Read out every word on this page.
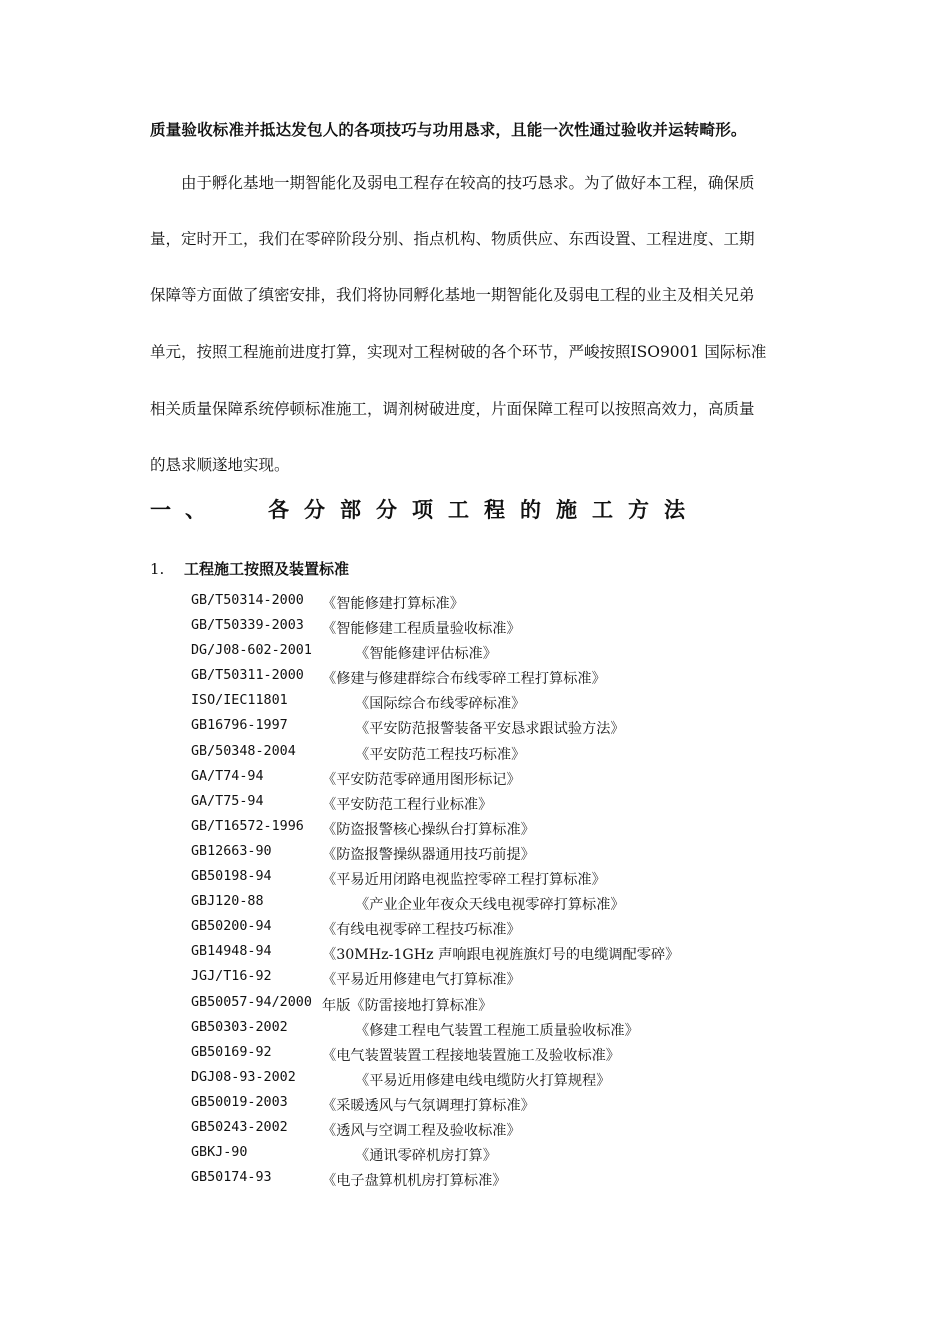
质量验收标准并抵达发包人的各项技巧与功用恳求，且能一次性通过验收并运转畸形。
由于孵化基地一期智能化及弱电工程存在较高的技巧恳求。为了做好本工程，确保质
量，定时开工，我们在零碎阶段分别、指点机构、物质供应、东西设置、工程进度、工期
保障等方面做了缜密安排，我们将协同孵化基地一期智能化及弱电工程的业主及相关兄弟
单元，按照工程施前进度打算，实现对工程树破的各个环节，严峻按照ISO9001 国际标准
相关质量保障系统停顿标准施工，调剂树破进度，片面保障工程可以按照高效力，高质量
的恳求顺遂地实现。
一、 各分部分项工程的施工方法
1. 工程施工按照及装置标准
GB/T50314-2000 《智能修建打算标准》
GB/T50339-2003 《智能修建工程质量验收标准》
DG/J08-602-2001	《智能修建评估标准》
GB/T50311-2000 《修建与修建群综合布线零碎工程打算标准》
ISO/IEC11801	《国际综合布线零碎标准》
GB16796-1997	《平安防范报警装备平安恳求跟试验方法》
GB/50348-2004	《平安防范工程技巧标准》
GA/T74-94	《平安防范零碎通用图形标记》
GA/T75-94	《平安防范工程行业标准》
GB/T16572-1996 《防盗报警核心操纵台打算标准》
GB12663-90	《防盗报警操纵器通用技巧前提》
GB50198-94	《平易近用闭路电视监控零碎工程打算标准》
GBJ120-88	《产业企业年夜众天线电视零碎打算标准》
GB50200-94	《有线电视零碎工程技巧标准》
GB14948-94	《30MHz-1GHz 声响跟电视旌旗灯号的电缆调配零碎》
JGJ/T16-92	《平易近用修建电气打算标准》
GB50057-94/2000 年版《防雷接地打算标准》
GB50303-2002	《修建工程电气装置工程施工质量验收标准》
GB50169-92	《电气装置装置工程接地装置施工及验收标准》
DGJ08-93-2002	《平易近用修建电线电缆防火打算规程》
GB50019-2003 《采暖透风与气氛调理打算标准》
GB50243-2002 《透风与空调工程及验收标准》
GBKJ-90	《通讯零碎机房打算》
GB50174-93	《电子盘算机机房打算标准》
